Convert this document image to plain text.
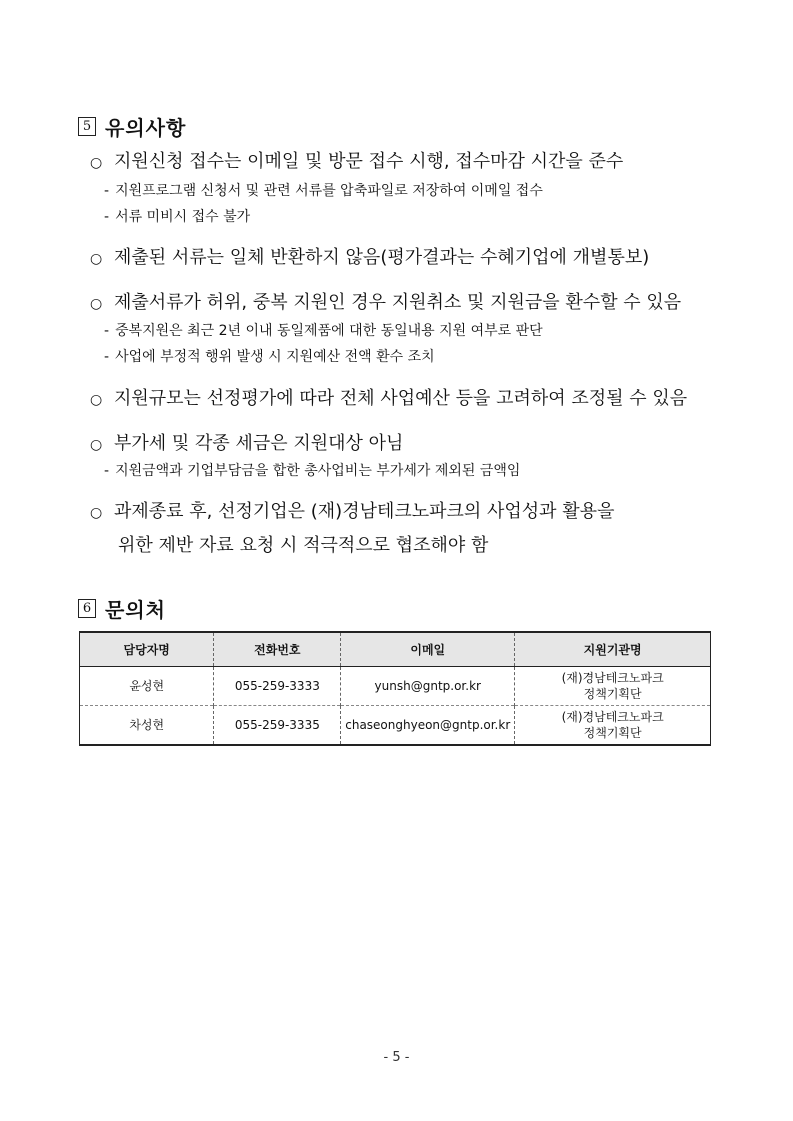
5 유의사항
○ 지원신청 접수는 이메일 및 방문 접수 시행, 접수마감 시간을 준수
- 지원프로그램 신청서 및 관련 서류를 압축파일로 저장하여 이메일 접수
- 서류 미비시 접수 불가
○ 제출된 서류는 일체 반환하지 않음(평가결과는 수혜기업에 개별통보)
○ 제출서류가 허위, 중복 지원인 경우 지원취소 및 지원금을 환수할 수 있음
- 중복지원은 최근 2년 이내 동일제품에 대한 동일내용 지원 여부로 판단
- 사업에 부정적 행위 발생 시 지원예산 전액 환수 조치
○ 지원규모는 선정평가에 따라 전체 사업예산 등을 고려하여 조정될 수 있음
○ 부가세 및 각종 세금은 지원대상 아님
- 지원금액과 기업부담금을 합한 총사업비는 부가세가 제외된 금액임
○ 과제종료 후, 선정기업은 (재)경남테크노파크의 사업성과 활용을
위한 제반 자료 요청 시 적극적으로 협조해야 함
6 문의처
담당자명	전화번호	이메일	지원기관명
윤성현	055-259-3333	yunsh@gntp.or.kr	(재)경남테크노파크
정책기획단

차성현	055-259-3335	chaseonghyeon@gntp.or.kr	(재)경남테크노파크
정책기획단
- 5 -
